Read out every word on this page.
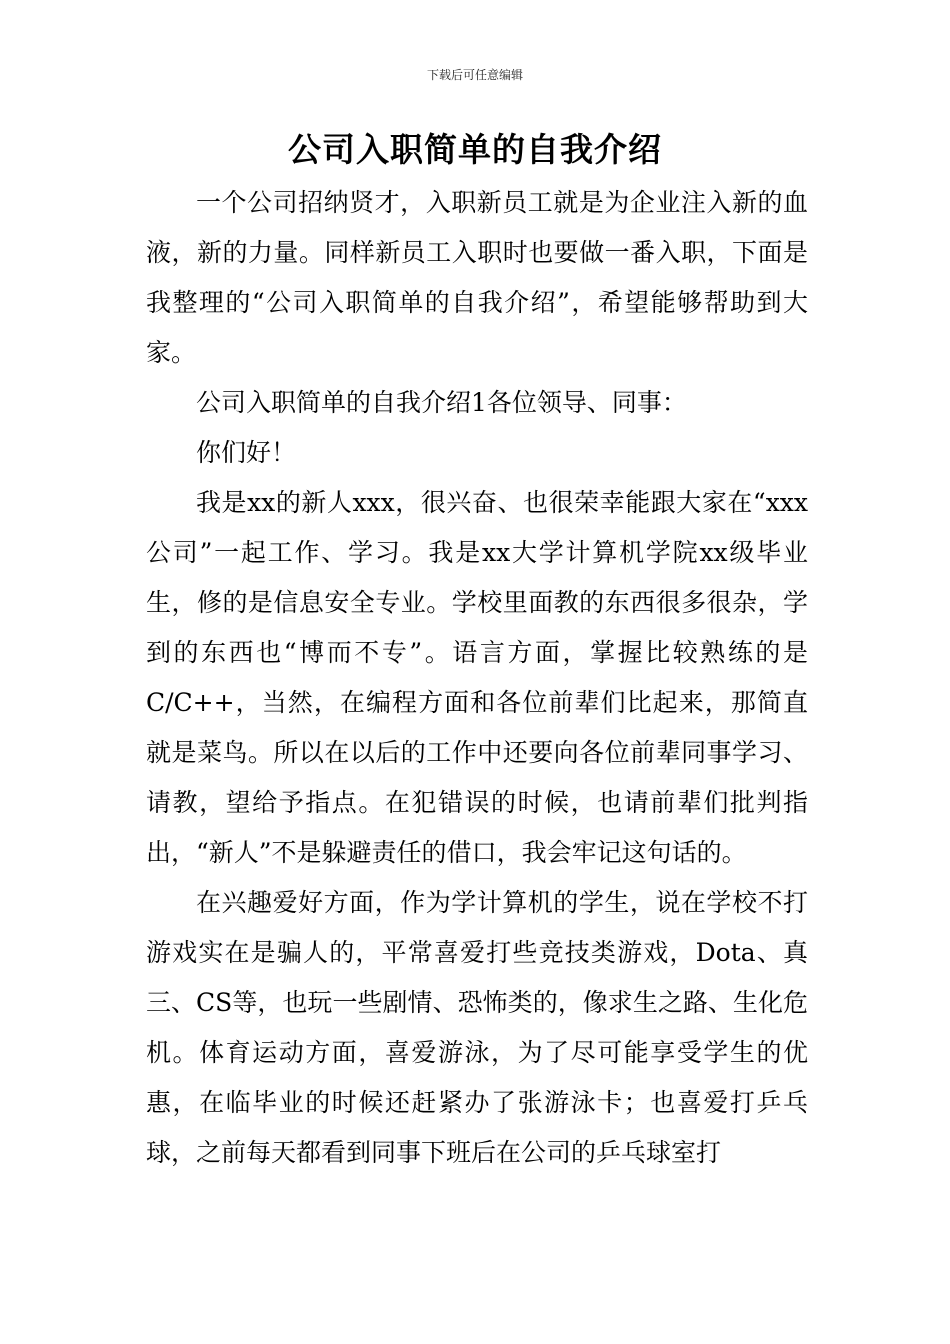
下载后可任意编辑
公司入职简单的自我介绍

一个公司招纳贤才，入职新员工就是为企业注入新的血液，新的力量。同样新员工入职时也要做一番入职，下面是我整理的“公司入职简单的自我介绍”，希望能够帮助到大家。

公司入职简单的自我介绍1各位领导、同事：

你们好！

我是xx的新人xxx，很兴奋、也很荣幸能跟大家在“xxx公司”一起工作、学习。我是xx大学计算机学院xx级毕业生，修的是信息安全专业。学校里面教的东西很多很杂，学到的东西也“博而不专”。语言方面，掌握比较熟练的是C/C++，当然，在编程方面和各位前辈们比起来，那简直就是菜鸟。所以在以后的工作中还要向各位前辈同事学习、请教，望给予指点。在犯错误的时候，也请前辈们批判指出，“新人”不是躲避责任的借口，我会牢记这句话的。

在兴趣爱好方面，作为学计算机的学生，说在学校不打游戏实在是骗人的，平常喜爱打些竞技类游戏，Dota、真三、CS等，也玩一些剧情、恐怖类的，像求生之路、生化危机。体育运动方面，喜爱游泳，为了尽可能享受学生的优惠，在临毕业的时候还赶紧办了张游泳卡；也喜爱打乒乓球，之前每天都看到同事下班后在公司的乒乓球室打
